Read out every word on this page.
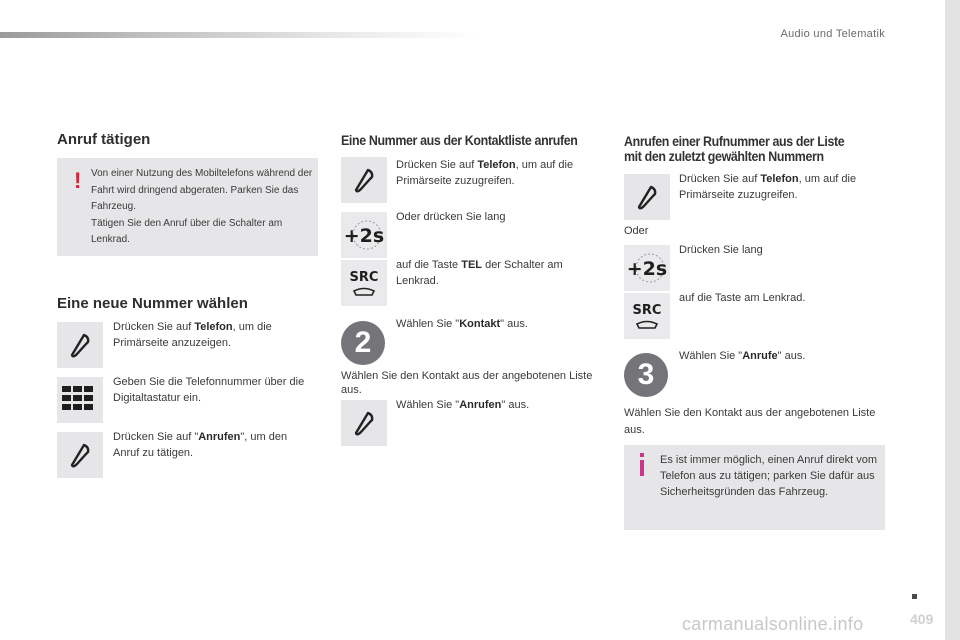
Audio und Telematik
Anruf tätigen
! Von einer Nutzung des Mobiltelefons während der Fahrt wird dringend abgeraten. Parken Sie das Fahrzeug.
Tätigen Sie den Anruf über die Schalter am Lenkrad.
Eine neue Nummer wählen
Drücken Sie auf Telefon, um die Primärseite anzuzeigen.
Geben Sie die Telefonnummer über die Digitaltastatur ein.
Drücken Sie auf "Anrufen", um den Anruf zu tätigen.
Eine Nummer aus der Kontaktliste anrufen
Drücken Sie auf Telefon, um auf die Primärseite zuzugreifen.
+2s
Oder drücken Sie lang
SRC
auf die Taste TEL der Schalter am Lenkrad.
2
Wählen Sie "Kontakt" aus.
Wählen Sie den Kontakt aus der angebotenen Liste aus.
Wählen Sie "Anrufen" aus.
Anrufen einer Rufnummer aus der Liste
mit den zuletzt gewählten Nummern
Drücken Sie auf Telefon, um auf die Primärseite zuzugreifen.
Oder
+2s
Drücken Sie lang
SRC
auf die Taste am Lenkrad.
3
Wählen Sie "Anrufe" aus.
Wählen Sie den Kontakt aus der angebotenen Liste aus.
Es ist immer möglich, einen Anruf direkt vom Telefon aus zu tätigen; parken Sie dafür aus Sicherheitsgründen das Fahrzeug.
409
carmanualsonline.info
